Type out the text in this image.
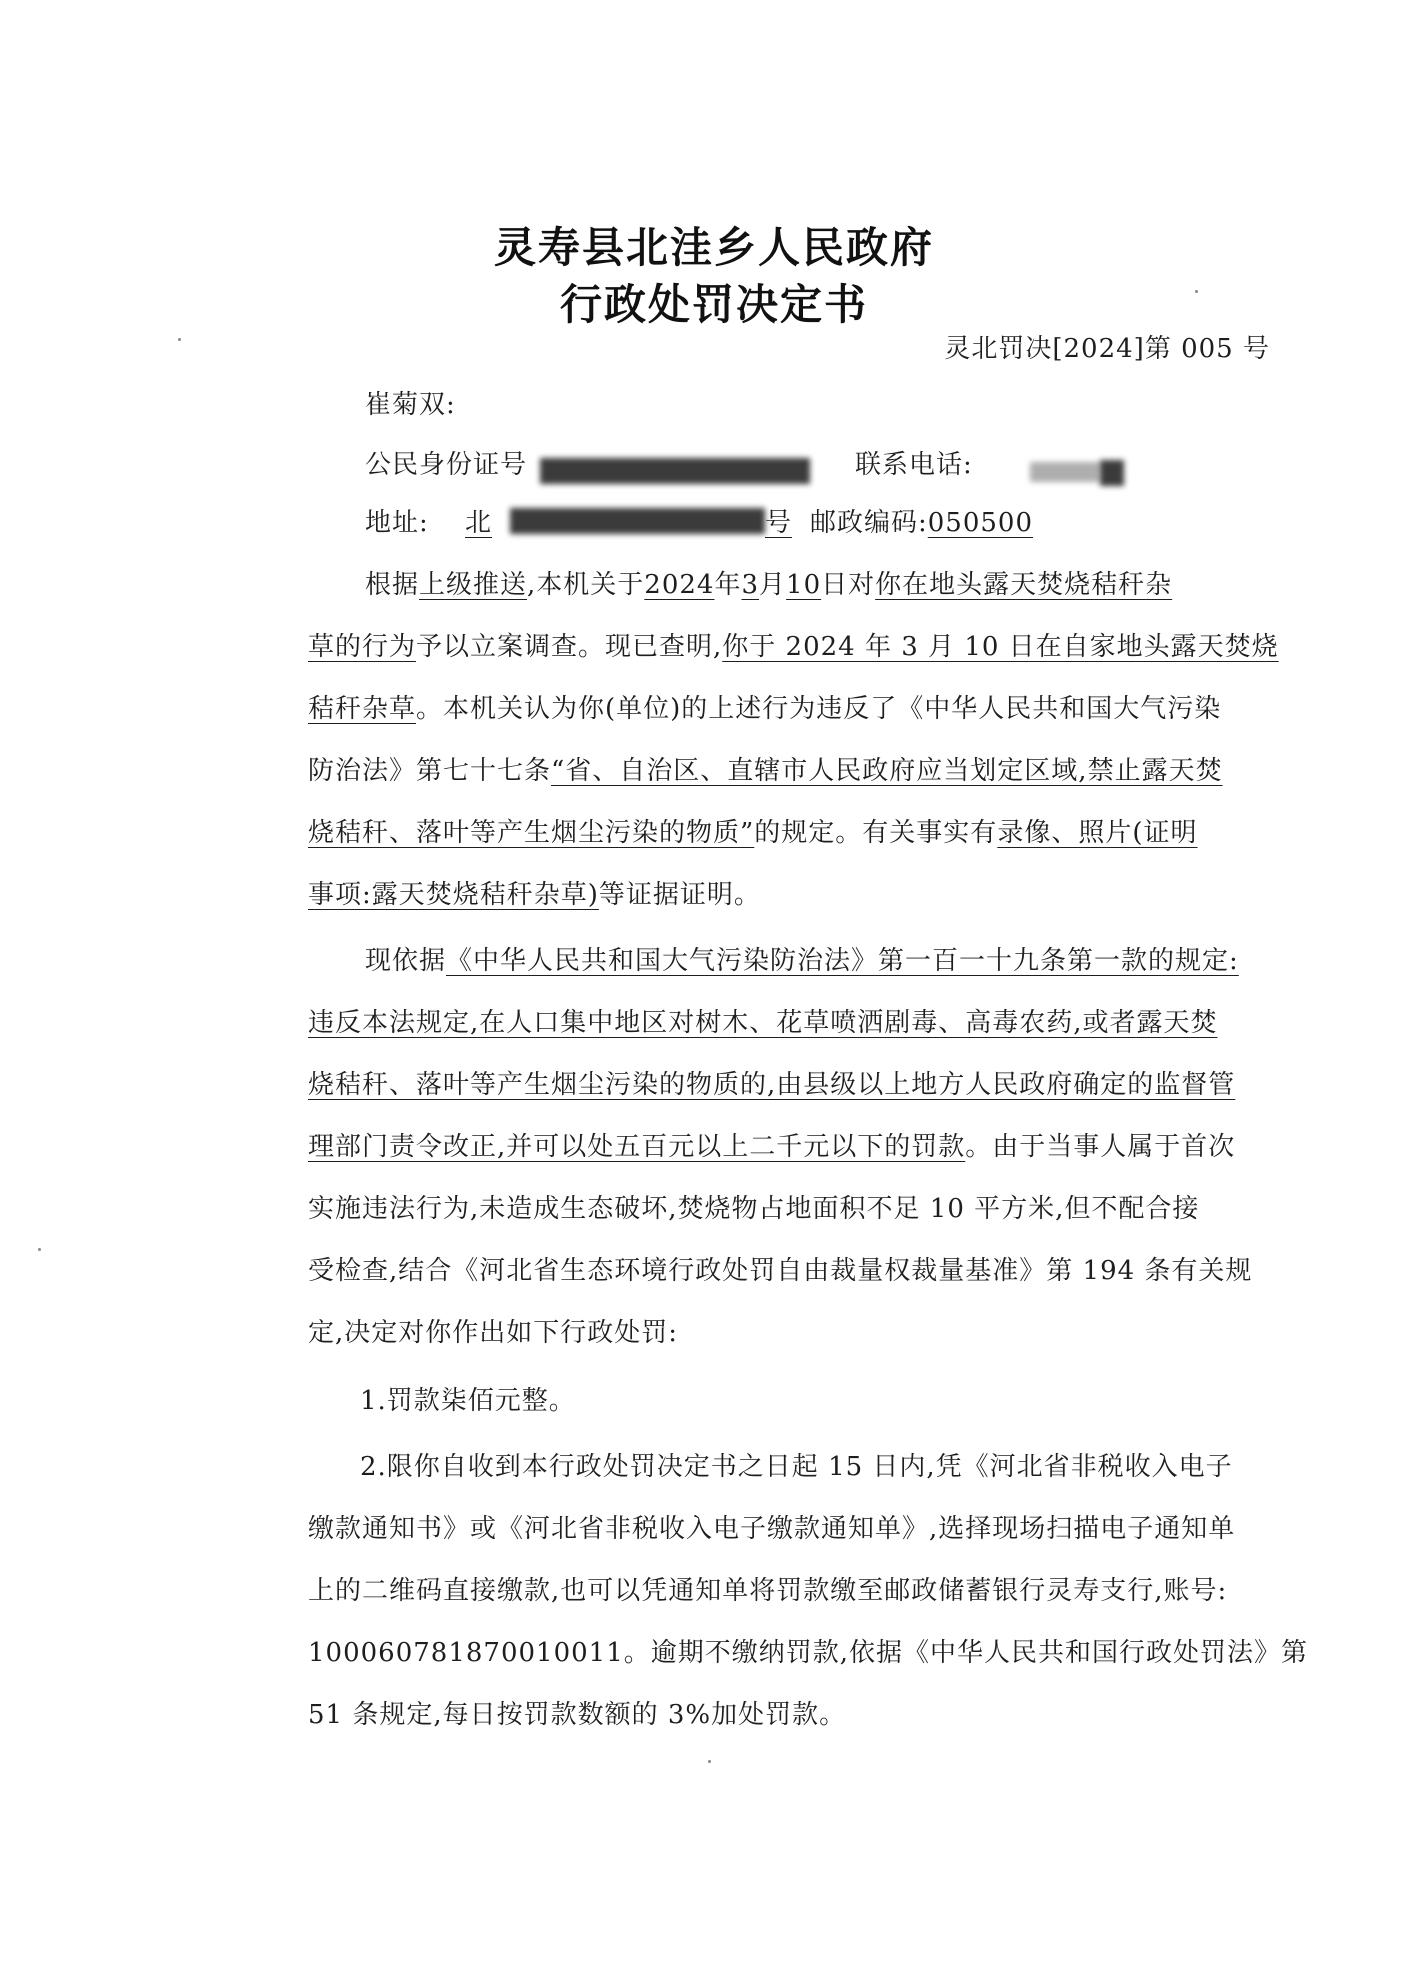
灵寿县北洼乡人民政府
行政处罚决定书
灵北罚决[2024]第 005 号
崔菊双:
公民身份证号	联系电话:
地址: 北	号 邮政编码:050500
根据上级推送,本机关于2024年3月10日对你在地头露天焚烧秸秆杂
草的行为予以立案调查。现已查明,你于 2024 年 3 月 10 日在自家地头露天焚烧
秸秆杂草。本机关认为你(单位)的上述行为违反了《中华人民共和国大气污染
防治法》第七十七条“省、自治区、直辖市人民政府应当划定区域,禁止露天焚
烧秸秆、落叶等产生烟尘污染的物质”的规定。有关事实有录像、照片(证明
事项:露天焚烧秸秆杂草)等证据证明。
现依据《中华人民共和国大气污染防治法》第一百一十九条第一款的规定:
违反本法规定,在人口集中地区对树木、花草喷洒剧毒、高毒农药,或者露天焚
烧秸秆、落叶等产生烟尘污染的物质的,由县级以上地方人民政府确定的监督管
理部门责令改正,并可以处五百元以上二千元以下的罚款。由于当事人属于首次
实施违法行为,未造成生态破坏,焚烧物占地面积不足 10 平方米,但不配合接
受检查,结合《河北省生态环境行政处罚自由裁量权裁量基准》第 194 条有关规
定,决定对你作出如下行政处罚:
1.罚款柒佰元整。
2.限你自收到本行政处罚决定书之日起 15 日内,凭《河北省非税收入电子
缴款通知书》或《河北省非税收入电子缴款通知单》,选择现场扫描电子通知单
上的二维码直接缴款,也可以凭通知单将罚款缴至邮政储蓄银行灵寿支行,账号:
100060781870010011。逾期不缴纳罚款,依据《中华人民共和国行政处罚法》第
51 条规定,每日按罚款数额的 3%加处罚款。
